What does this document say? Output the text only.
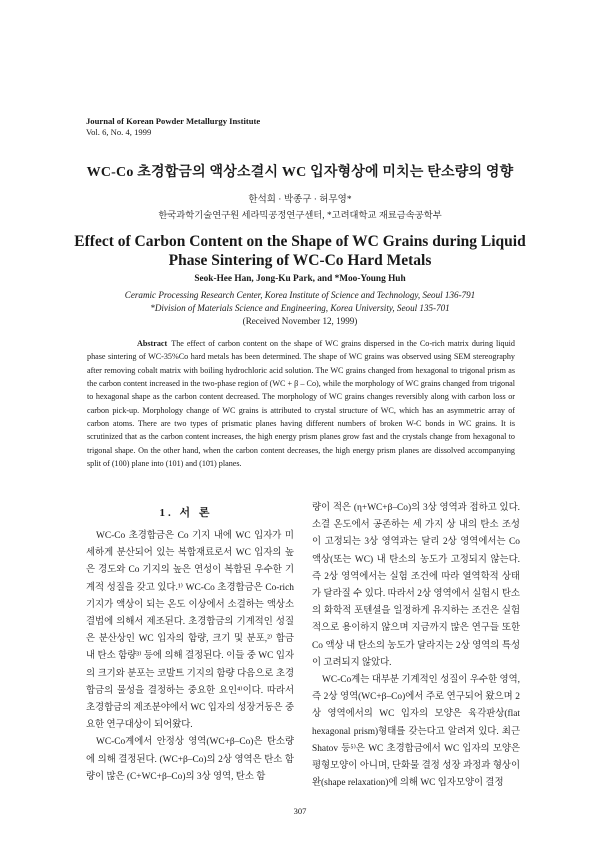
Journal of Korean Powder Metallurgy Institute
Vol. 6, No. 4, 1999
WC-Co 초경합금의 액상소결시 WC 입자형상에 미치는 탄소량의 영향
한석희 · 박종구 · 허무영*
한국과학기술연구원 세라믹공정연구센터, *고려대학교 재료금속공학부
Effect of Carbon Content on the Shape of WC Grains during Liquid
Phase Sintering of WC-Co Hard Metals
Seok-Hee Han, Jong-Ku Park, and *Moo-Young Huh
Ceramic Processing Research Center, Korea Institute of Science and Technology, Seoul 136-791
*Division of Materials Science and Engineering, Korea University, Seoul 135-701
(Received November 12, 1999)
Abstract The effect of carbon content on the shape of WC grains dispersed in the Co-rich matrix during liquid phase sintering of WC-35%Co hard metals has been determined. The shape of WC grains was observed using SEM stereography after removing cobalt matrix with boiling hydrochloric acid solution. The WC grains changed from hexagonal to trigonal prism as the carbon content increased in the two-phase region of (WC + β – Co), while the morphology of WC grains changed from trigonal to hexagonal shape as the carbon content decreased. The morphology of WC grains changes reversibly along with carbon loss or carbon pick-up. Morphology change of WC grains is attributed to crystal structure of WC, which has an asymmetric array of carbon atoms. There are two types of prismatic planes having different numbers of broken W-C bonds in WC grains. It is scrutinized that as the carbon content increases, the high energy prism planes grow fast and the crystals change from hexagonal to trigonal shape. On the other hand, when the carbon content decreases, the high energy prism planes are dissolved accompanying split of (100) plane into (101) and (10̄1) planes.
1. 서 론

WC-Co 초경합금은 Co 기지 내에 WC 입자가 미세하게 분산되어 있는 복합재료로서 WC 입자의 높은 경도와 Co 기지의 높은 연성이 복합된 우수한 기계적 성질을 갖고 있다.¹⁾ WC-Co 초경합금은 Co-rich 기지가 액상이 되는 온도 이상에서 소결하는 액상소결법에 의해서 제조된다. 초경합금의 기계적인 성질은 분산상인 WC 입자의 함량, 크기 및 분포,²⁾ 합금 내 탄소 함량³⁾ 등에 의해 결정된다. 이들 중 WC 입자의 크기와 분포는 코발트 기지의 함량 다음으로 초경합금의 물성을 결정하는 중요한 요인⁴⁾이다. 따라서 초경합금의 제조분야에서 WC 입자의 성장거동은 중요한 연구대상이 되어왔다.

WC-Co계에서 안정상 영역(WC+β–Co)은 탄소량에 의해 결정된다. (WC+β–Co)의 2상 영역은 탄소 함량이 많은 (C+WC+β–Co)의 3상 영역, 탄소 함

량이 적은 (η+WC+β–Co)의 3상 영역과 접하고 있다. 소결 온도에서 공존하는 세 가지 상 내의 탄소 조성이 고정되는 3상 영역과는 달리 2상 영역에서는 Co 액상(또는 WC) 내 탄소의 농도가 고정되지 않는다. 즉 2상 영역에서는 실험 조건에 따라 열역학적 상태가 달라질 수 있다. 따라서 2상 영역에서 실험시 탄소의 화학적 포텐셜을 일정하게 유지하는 조건은 실험적으로 용이하지 않으며 지금까지 많은 연구들 또한 Co 액상 내 탄소의 농도가 달라지는 2상 영역의 특성이 고려되지 않았다.

WC-Co계는 대부분 기계적인 성질이 우수한 영역, 즉 2상 영역(WC+β–Co)에서 주로 연구되어 왔으며 2상 영역에서의 WC 입자의 모양은 육각판상(flat hexagonal prism)형태를 갖는다고 알려져 있다. 최근 Shatov 등⁵⁾은 WC 초경합금에서 WC 입자의 모양은 평형모양이 아니며, 단화물 결정 성장 과정과 형상이완(shape relaxation)에 의해 WC 입자모양이 결정

307
